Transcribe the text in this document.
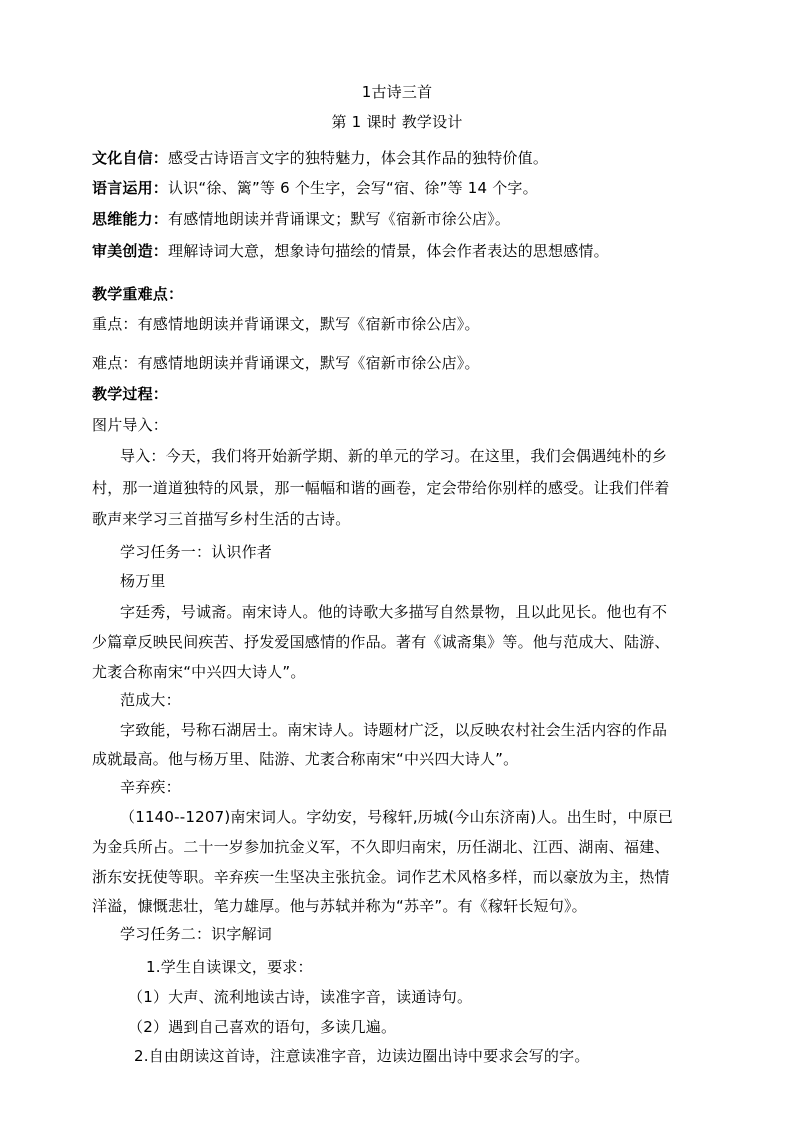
1古诗三首
第 1 课时 教学设计
文化自信：感受古诗语言文字的独特魅力，体会其作品的独特价值。
语言运用：认识“徐、篱”等 6 个生字，会写“宿、徐”等 14 个字。
思维能力：有感情地朗读并背诵课文；默写《宿新市徐公店》。
审美创造：理解诗词大意，想象诗句描绘的情景，体会作者表达的思想感情。
教学重难点：
重点：有感情地朗读并背诵课文，默写《宿新市徐公店》。
难点：有感情地朗读并背诵课文，默写《宿新市徐公店》。
教学过程：
图片导入：
导入：今天，我们将开始新学期、新的单元的学习。在这里，我们会偶遇纯朴的乡
村，那一道道独特的风景，那一幅幅和谐的画卷，定会带给你别样的感受。让我们伴着
歌声来学习三首描写乡村生活的古诗。
学习任务一：认识作者
杨万里
字廷秀，号诚斋。南宋诗人。他的诗歌大多描写自然景物，且以此见长。他也有不
少篇章反映民间疾苦、抒发爱国感情的作品。著有《诚斋集》等。他与范成大、陆游、
尤袤合称南宋“中兴四大诗人”。
范成大：
字致能，号称石湖居士。南宋诗人。诗题材广泛，以反映农村社会生活内容的作品
成就最高。他与杨万里、陆游、尤袤合称南宋“中兴四大诗人”。
辛弃疾：
（1140--1207)南宋词人。字幼安，号稼轩,历城(今山东济南)人。出生时，中原已
为金兵所占。二十一岁参加抗金义军，不久即归南宋，历任湖北、江西、湖南、福建、
浙东安抚使等职。辛弃疾一生坚决主张抗金。词作艺术风格多样，而以豪放为主，热情
洋溢，慷慨悲壮，笔力雄厚。他与苏轼并称为“苏辛”。有《稼轩长短句》。
学习任务二：识字解词
1.学生自读课文，要求：
（1）大声、流利地读古诗，读准字音，读通诗句。
（2）遇到自己喜欢的语句，多读几遍。
2.自由朗读这首诗，注意读准字音，边读边圈出诗中要求会写的字。
